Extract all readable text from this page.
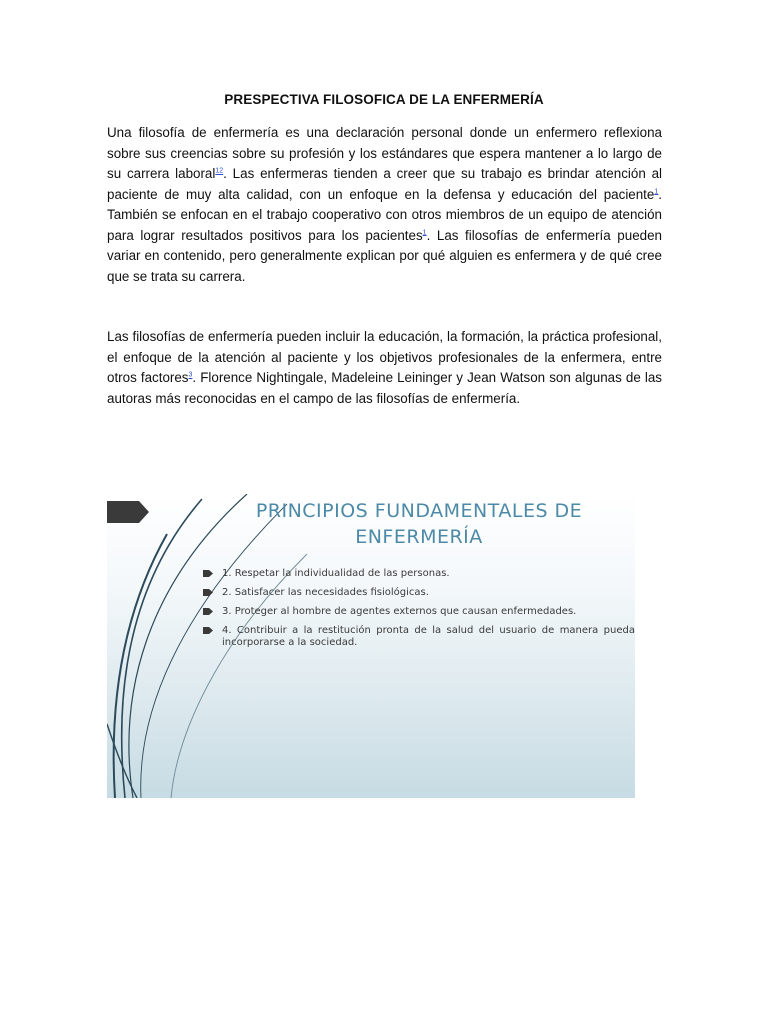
PRESPECTIVA FILOSOFICA DE LA ENFERMERÍA

Una filosofía de enfermería es una declaración personal donde un enfermero reflexiona sobre sus creencias sobre su profesión y los estándares que espera mantener a lo largo de su carrera laboral$^{12}$. Las enfermeras tienden a creer que su trabajo es brindar atención al paciente de muy alta calidad, con un enfoque en la defensa y educación del paciente$^1$. También se enfocan en el trabajo cooperativo con otros miembros de un equipo de atención para lograr resultados positivos para los pacientes$^1$. Las filosofías de enfermería pueden variar en contenido, pero generalmente explican por qué alguien es enfermera y de qué cree que se trata su carrera.

Las filosofías de enfermería pueden incluir la educación, la formación, la práctica profesional, el enfoque de la atención al paciente y los objetivos profesionales de la enfermera, entre otros factores$^3$. Florence Nightingale, Madeleine Leininger y Jean Watson son algunas de las autoras más reconocidas en el campo de las filosofías de enfermería.

PRINCIPIOS FUNDAMENTALES DE
ENFERMERÍA
1. Respetar la individualidad de las personas.
2. Satisfacer las necesidades fisiológicas.
3. Proteger al hombre de agentes externos que causan enfermedades.
4. Contribuir a la restitución pronta de la salud del usuario de manera pueda incorporarse a la sociedad.
